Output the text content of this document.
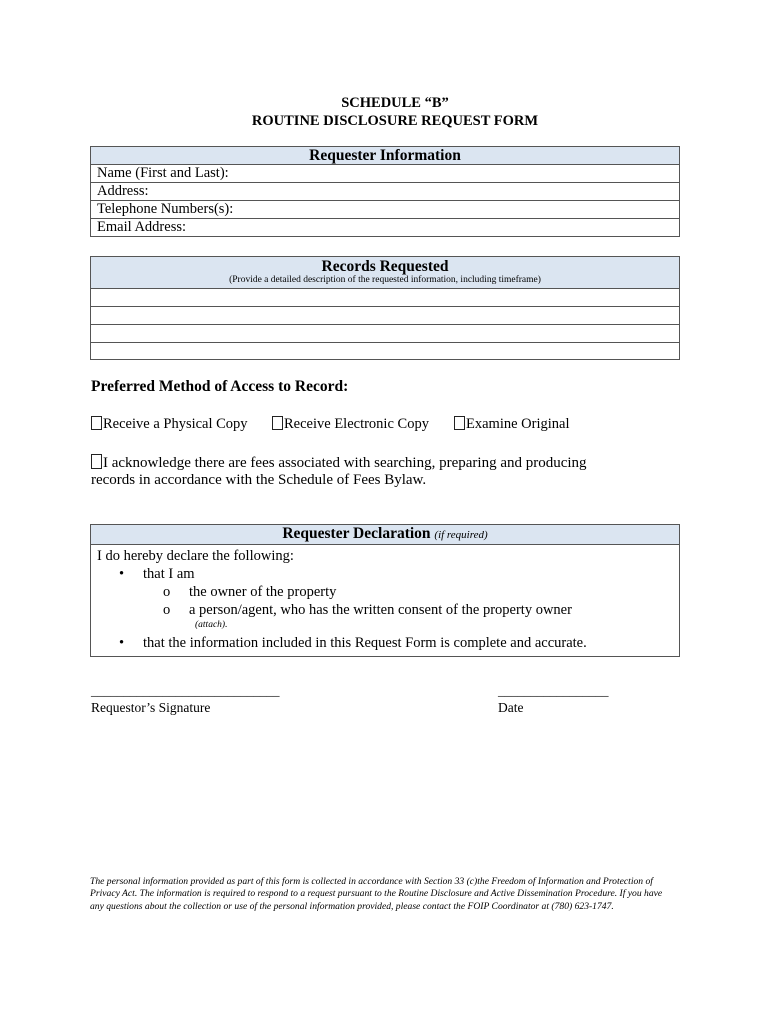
SCHEDULE “B”
ROUTINE DISCLOSURE REQUEST FORM
Requester Information
Name (First and Last):
Address:
Telephone Numbers(s):
Email Address:
Records Requested
(Provide a detailed description of the requested information, including timeframe)

Preferred Method of Access to Record:
Receive a Physical Copy	Receive Electronic Copy	Examine Original
I acknowledge there are fees associated with searching, preparing and producing
records in accordance with the Schedule of Fees Bylaw.
Requester Declaration (if required)

I do hereby declare the following:
• that I am
o the owner of the property
o a person/agent, who has the written consent of the property owner
(attach).
• that the information included in this Request Form is complete and accurate.
_____________________________
Requestor’s Signature
_________________
Date
The personal information provided as part of this form is collected in accordance with Section 33 (c)the Freedom of Information and Protection of Privacy Act. The information is required to respond to a request pursuant to the Routine Disclosure and Active Dissemination Procedure. If you have any questions about the collection or use of the personal information provided, please contact the FOIP Coordinator at (780) 623-1747.
